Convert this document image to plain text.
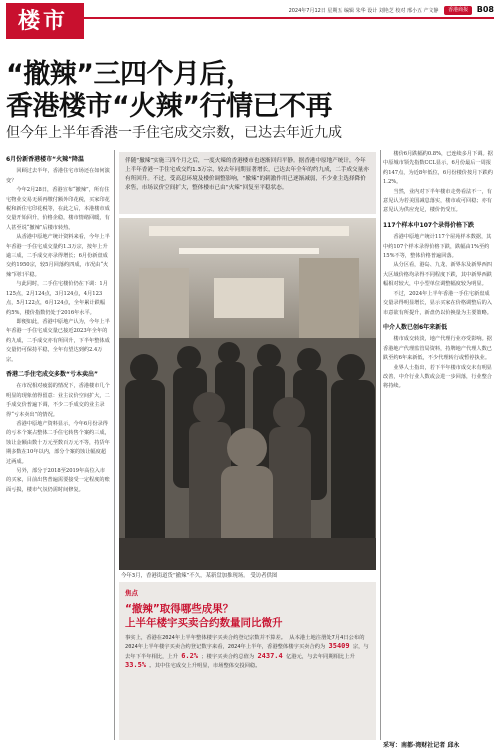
楼市	2024年7月12日 星期五 编辑 朱华 设计 刘艳芝 校对 邢小五 产文静 香港商报 B08
“撤辣”三四个月后，
香港楼市“火辣”行情已不再
但今年上半年香港一手住宅成交宗数，已达去年近九成
6月份新香港楼市“火辣”降温

回顾过去半年，香港住宅市场还在如何演变？

今年2月28日，香港宣布“撤辣”，所有住宅物业交易无须再缴付额外印花税，买家印花税和新住宅印花税等，在此之后，本港楼市成交量开始回升，价格企稳，楼市情绪回暖，有人甚至说“撤辣”后楼市转热。

从香港中原地产统计资料来看，今年上半年香港一手住宅成交量约1.3万宗，按年上升逾三成，二手成交亦录得增长；6月份新盘成交约1950宗，较5月回落约四成，市况由“火辣”回归平稳。

与此同时，二手住宅楼价仍在下调：1月125点，2月124点，3月124点，4月123点，5月122点，6月124点，全年累计跌幅约5%，楼价指数仍处于2016年水平。

即便如此，香港中原地产认为，今年上半年香港一手住宅成交量已接近2023年全年的约九成，二手成交亦有所回升，下半年整体成交量仍可保持平稳，全年有望达到约2.4万宗。

香港二手住宅成交多数“亏本卖出”

在市况相对疲弱的情况下，香港楼市几个明显的现象值得留意：业主议价空间扩大，二手成交价普遍下调，不少二手成交的业主录得“亏本卖出”的情况。

香港中原地产资料显示，今年6月份录得的亏本个案占整体二手住宅转售个案约三成，蚀让金额由数十万元至数百万元不等，持货年期多数在10年以内，部分个案的蚀让幅度超过两成。

另外，部分于2018至2019年高位入市的买家，目前出售普遍需要接受一定程度的账面亏损，楼市气氛仍需时间修复。

伴随“撤辣”实施三四个月之后，一度火辣的香港楼市也逐渐回归平静。据香港中原地产统计，今年上半年香港一手住宅成交约1.3万宗，较去年同期显著增长，已达去年全年的约九成，二手成交量亦有所回升。不过，受高息环境及楼价调整影响，“撤辣”的刺激作用已逐渐减弱，不少业主选择降价求售，市场议价空间扩大，整体楼市已由“火辣”回复至平稳状态。
今年3月，香港街道货“撤辣”不久，某新盘加推现场。 受访者供图
焦点
“撤辣”取得哪些成果？
上半年楼宇买卖合约数量同比微升
事实上，香港在2024年上半年整体楼宇买卖合约登记宗数并不算差。 从本港土地注册处7月4日公布的2024年上半年楼宇买卖合约登记数字来看，2024年上半年，香港整体楼宇买卖合约为 35409 宗，与去年下半年相比，上升 6.2% ；楼宇买卖合约总值为 2437.4 亿港元，与去年同期相比上升 33.5% 。其中住宅成交上升明显，市场整体交投回稳。

楼价6月跌幅约0.8%，已连续多月下调。据中原城市领先指数CCL显示，6月份最后一周报约147点，为近8年低位，6月份楼价按月下跌约1.2%。

当然，业内对下半年楼市走势看法不一，有意见认为若美国减息落实，楼市或可回稳；亦有意见认为供应充足，楼价仍受压。

117个样本中107个录得价格下跌

香港中原地产统计117个屋苑样本数据，其中约107个样本录得价格下跌，跌幅由1%至约15%不等，整体价格普遍回落。

从分区看，港岛、九龙、新界东及新界西四大区域价格均录得不同程度下跌，其中新界西跌幅相对较大，中小型单位调整幅度较为明显。

不过，2024年上半年香港一手住宅新盘成交量录得明显增长，显示买家在价格调整后的入市意欲有所提升，新盘仍以价换量为主要策略。

中介人数已创6年来新低

楼市成交转淡，地产代理行业亦受影响。据香港地产代理监管局资料，持牌地产代理人数已跌至约6年来新低，不少代理转行或暂停执业。

业界人士指出，若下半年楼市成交未有明显改善，中介行业人数或会进一步回落，行业整合将持续。

采写：南都·湾财社记者 邱永
